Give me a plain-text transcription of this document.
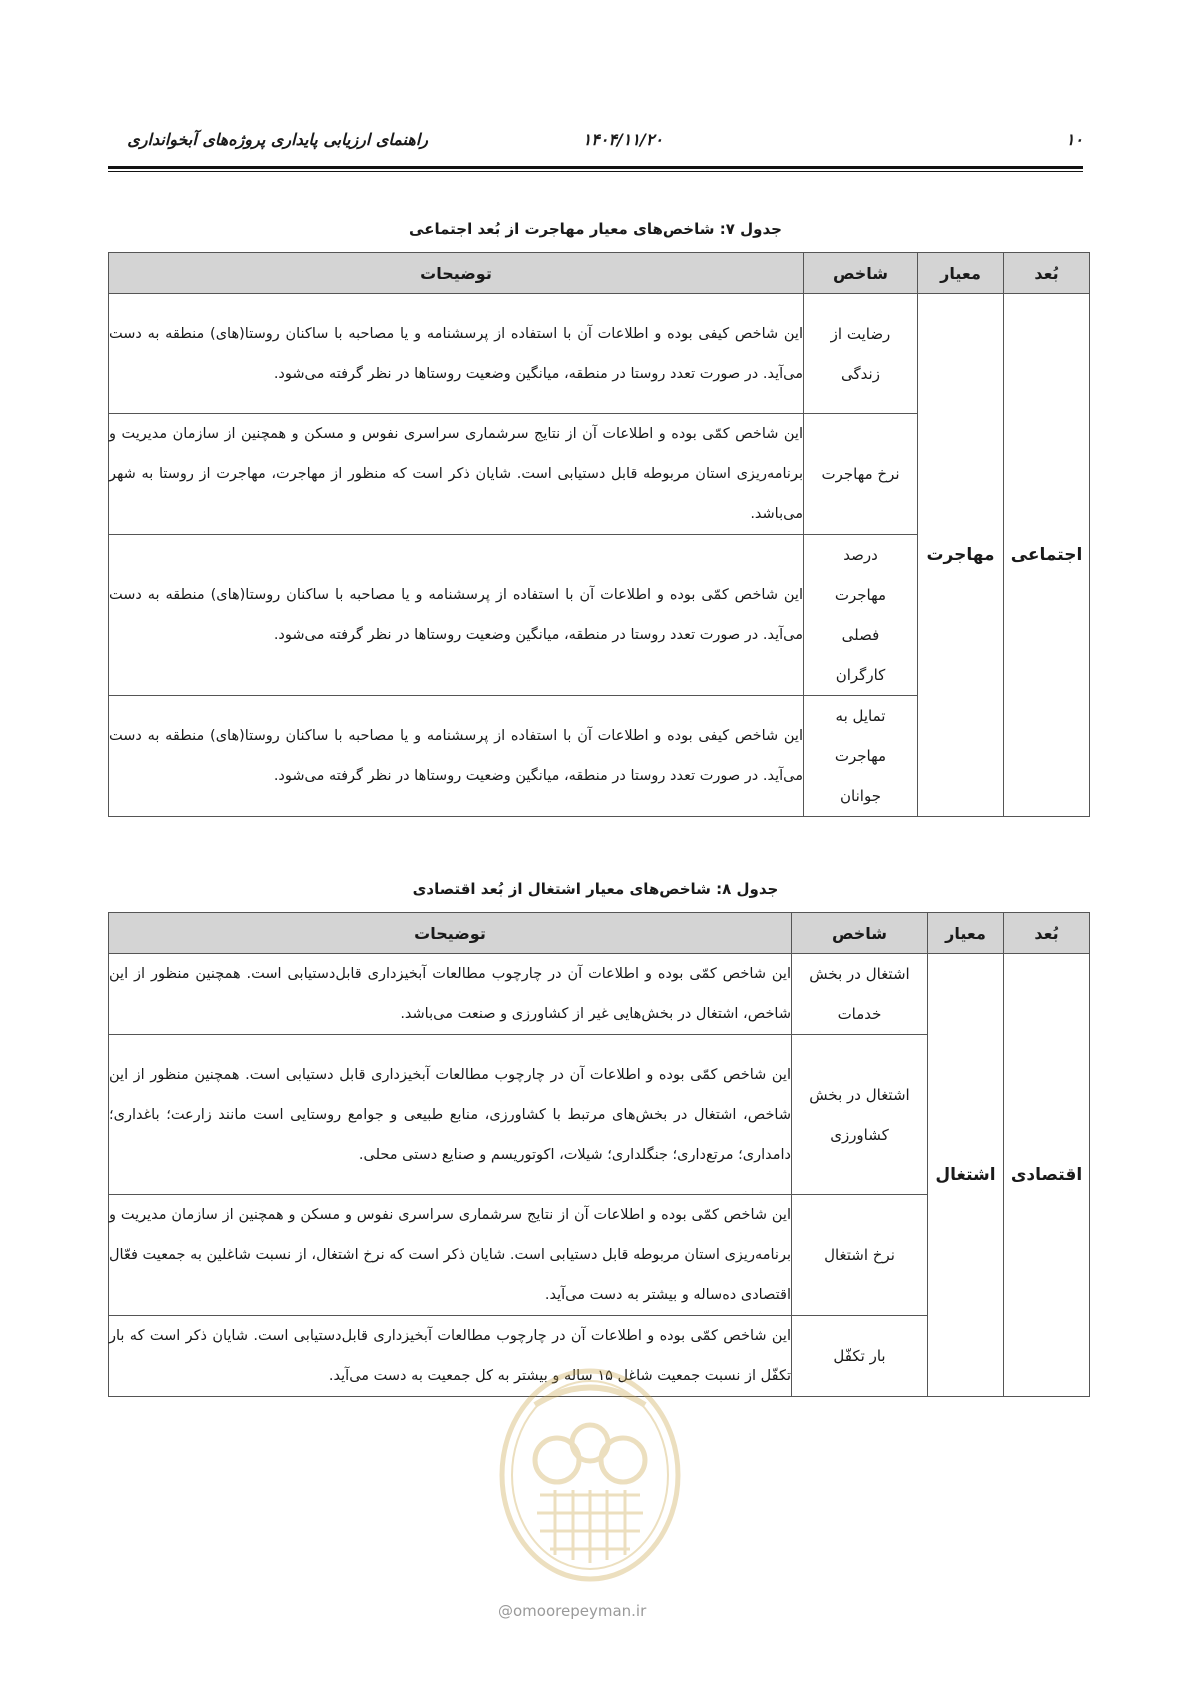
۱۰
۱۴۰۴/۱۱/۲۰
راهنمای ارزیابی پایداری پروژه‌های آبخوانداری
جدول ۷: شاخص‌های معیار مهاجرت از بُعد اجتماعی
بُعد	معیار	شاخص	توضیحات
اجتماعی	مهاجرت	رضایت از زندگی	این شاخص کیفی بوده و اطلاعات آن با استفاده از پرسشنامه و یا مصاحبه با ساکنان روستا(های) منطقه به دست می‌آید. در صورت تعدد روستا در منطقه، میانگین وضعیت روستاها در نظر گرفته می‌شود.
		نرخ مهاجرت	این شاخص کمّی بوده و اطلاعات آن از نتایج سرشماری سراسری نفوس و مسکن و همچنین از سازمان مدیریت و برنامه‌ریزی استان مربوطه قابل دستیابی است. شایان ذکر است که منظور از مهاجرت، مهاجرت از روستا به شهر می‌باشد.
		درصد مهاجرت فصلی کارگران	این شاخص کمّی بوده و اطلاعات آن با استفاده از پرسشنامه و یا مصاحبه با ساکنان روستا(های) منطقه به دست می‌آید. در صورت تعدد روستا در منطقه، میانگین وضعیت روستاها در نظر گرفته می‌شود.
		تمایل به مهاجرت جوانان	این شاخص کیفی بوده و اطلاعات آن با استفاده از پرسشنامه و یا مصاحبه با ساکنان روستا(های) منطقه به دست می‌آید. در صورت تعدد روستا در منطقه، میانگین وضعیت روستاها در نظر گرفته می‌شود.
جدول ۸: شاخص‌های معیار اشتغال از بُعد اقتصادی
بُعد	معیار	شاخص	توضیحات
اقتصادی	اشتغال	اشتغال در بخش خدمات	این شاخص کمّی بوده و اطلاعات آن در چارچوب مطالعات آبخیزداری قابل‌دستیابی است. همچنین منظور از این شاخص، اشتغال در بخش‌هایی غیر از کشاورزی و صنعت می‌باشد.
		اشتغال در بخش کشاورزی	این شاخص کمّی بوده و اطلاعات آن در چارچوب مطالعات آبخیزداری قابل دستیابی است. همچنین منظور از این شاخص، اشتغال در بخش‌های مرتبط با کشاورزی، منابع طبیعی و جوامع روستایی است مانند زارعت؛ باغداری؛ دامداری؛ مرتع‌داری؛ جنگلداری؛ شیلات، اکوتوریسم و صنایع دستی محلی.
		نرخ اشتغال	این شاخص کمّی بوده و اطلاعات آن از نتایج سرشماری سراسری نفوس و مسکن و همچنین از سازمان مدیریت و برنامه‌ریزی استان مربوطه قابل دستیابی است. شایان ذکر است که نرخ اشتغال، از نسبت شاغلین به جمعیت فعّال اقتصادی ده‌ساله و بیشتر به دست می‌آید.
		بار تکفّل	این شاخص کمّی بوده و اطلاعات آن در چارچوب مطالعات آبخیزداری قابل‌دستیابی است. شایان ذکر است که بار تکفّل از نسبت جمعیت شاغل ۱۵ ساله و بیشتر به کل جمعیت به دست می‌آید.
@omoorepeyman.ir
